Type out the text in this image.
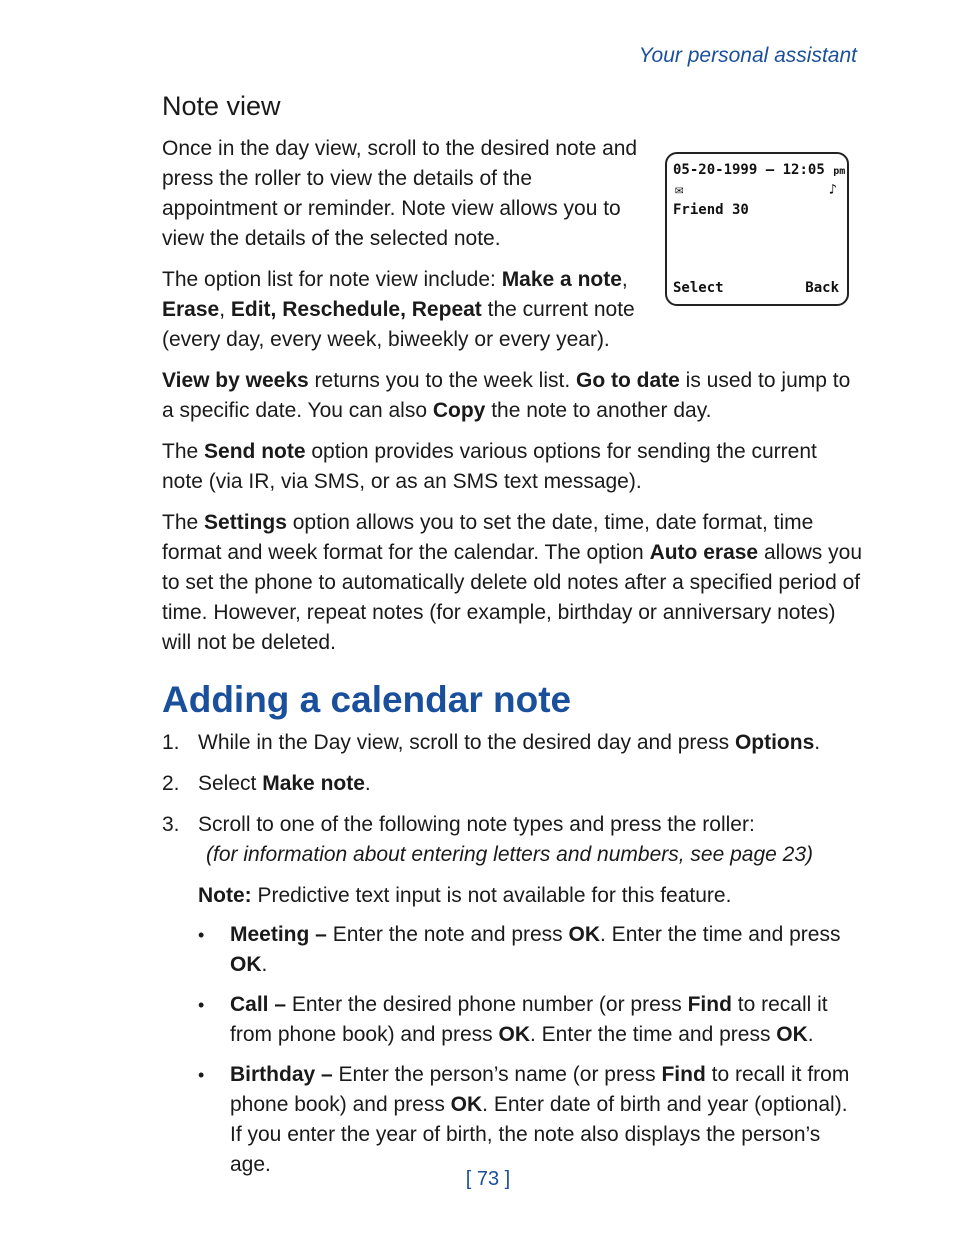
Your personal assistant
Note view
05-20-1999 — 12:05 pm
✉	♪
Friend 30
Select	Back

Once in the day view, scroll to the desired note and press the roller to view the details of the appointment or reminder. Note view allows you to view the details of the selected note.

The option list for note view include: Make a note, Erase, Edit, Reschedule, Repeat the current note (every day, every week, biweekly or every year).

View by weeks returns you to the week list. Go to date is used to jump to a specific date. You can also Copy the note to another day.

The Send note option provides various options for sending the current note (via IR, via SMS, or as an SMS text message).

The Settings option allows you to set the date, time, date format, time format and week format for the calendar. The option Auto erase allows you to set the phone to automatically delete old notes after a specified period of time. However, repeat notes (for example, birthday or anniversary notes) will not be deleted.

Adding a calendar note
1. While in the Day view, scroll to the desired day and press Options.
2. Select Make note.
3. Scroll to one of the following note types and press the roller:
(for information about entering letters and numbers, see page 23)
Note: Predictive text input is not available for this feature.
• Meeting – Enter the note and press OK. Enter the time and press OK.
• Call – Enter the desired phone number (or press Find to recall it from phone book) and press OK. Enter the time and press OK.
• Birthday – Enter the person’s name (or press Find to recall it from phone book) and press OK. Enter date of birth and year (optional). If you enter the year of birth, the note also displays the person’s age.
[ 73 ]
